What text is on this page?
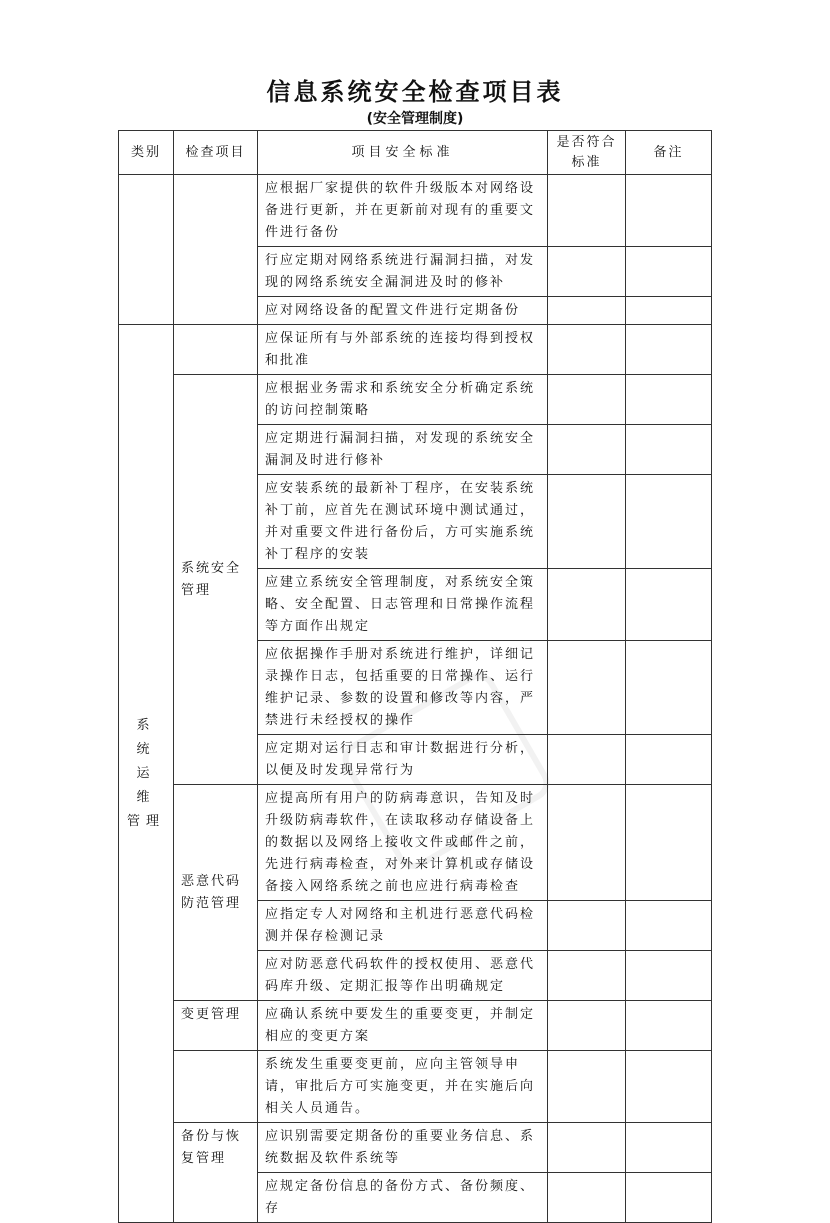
信息系统安全检查项目表
(安全管理制度)
类别	检查项目	项目安全标准	是否符合标准	备注
		应根据厂家提供的软件升级版本对网络设备进行更新，并在更新前对现有的重要文件进行备份		
		行应定期对网络系统进行漏洞扫描，对发现的网络系统安全漏洞进及时的修补		
		应对网络设备的配置文件进行定期备份		
系 统 运 维 管理		应保证所有与外部系统的连接均得到授权和批准		
	系统安全管理	应根据业务需求和系统安全分析确定系统的访问控制策略		
		应定期进行漏洞扫描，对发现的系统安全漏洞及时进行修补		
		应安装系统的最新补丁程序，在安装系统补丁前，应首先在测试环境中测试通过，并对重要文件进行备份后，方可实施系统补丁程序的安装		
		应建立系统安全管理制度，对系统安全策略、安全配置、日志管理和日常操作流程等方面作出规定		
		应依据操作手册对系统进行维护，详细记录操作日志，包括重要的日常操作、运行维护记录、参数的设置和修改等内容，严禁进行未经授权的操作		
		应定期对运行日志和审计数据进行分析，以便及时发现异常行为		
	恶意代码防范管理	应提高所有用户的防病毒意识，告知及时升级防病毒软件，在读取移动存储设备上的数据以及网络上接收文件或邮件之前，先进行病毒检查，对外来计算机或存储设备接入网络系统之前也应进行病毒检查		
		应指定专人对网络和主机进行恶意代码检测并保存检测记录		
		应对防恶意代码软件的授权使用、恶意代码库升级、定期汇报等作出明确规定		
	变更管理	应确认系统中要发生的重要变更，并制定相应的变更方案		
		系统发生重要变更前，应向主管领导申请，审批后方可实施变更，并在实施后向相关人员通告。		
	备份与恢复管理	应识别需要定期备份的重要业务信息、系统数据及软件系统等		
		应规定备份信息的备份方式、备份频度、存		
